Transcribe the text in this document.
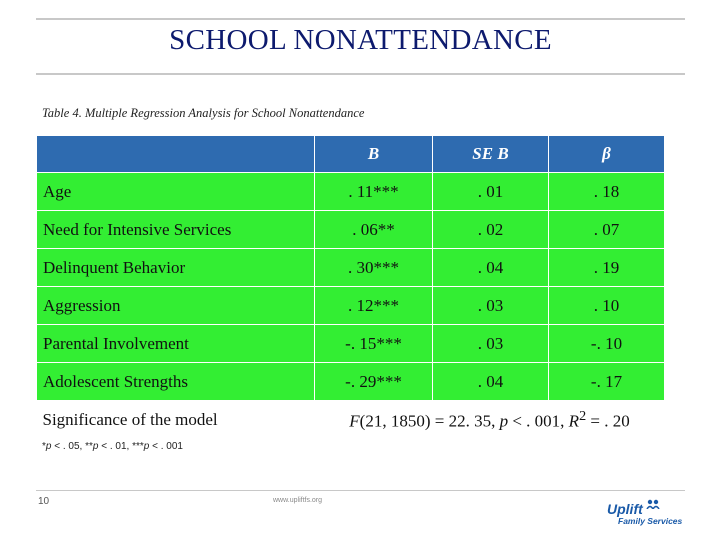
SCHOOL NONATTENDANCE
Table 4. Multiple Regression Analysis for School Nonattendance
	B	SE B	β
Age	. 11***	. 01	. 18
Need for Intensive Services	. 06**	. 02	. 07
Delinquent Behavior	. 30***	. 04	. 19
Aggression	. 12***	. 03	. 10
Parental Involvement	-. 15***	. 03	-. 10
Adolescent Strengths	-. 29***	. 04	-. 17
Significance of the model	F(21, 1850) = 22. 35, p < . 001, $R^2$ = . 20		
*p < . 05, **p < . 01, ***p < . 001
10	www.upliftfs.org
Uplift
Family Services
